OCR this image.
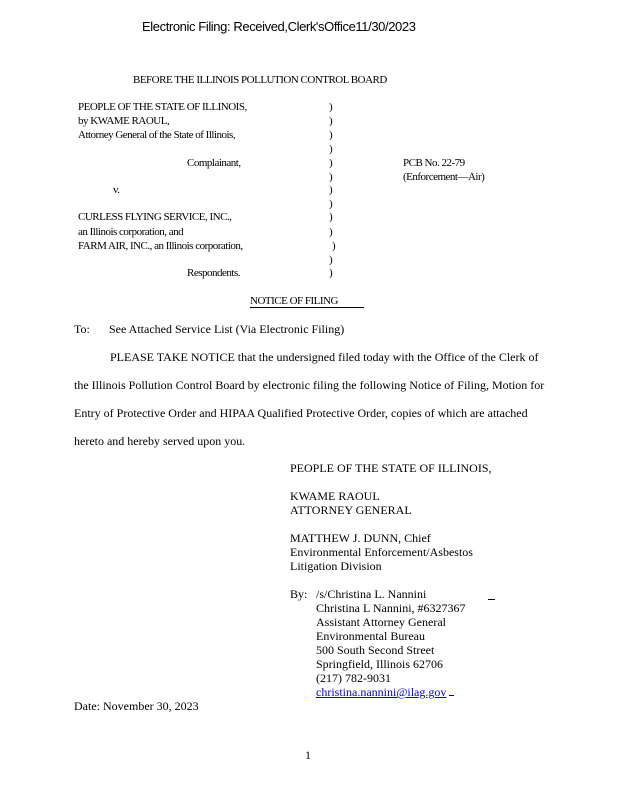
Electronic Filing: Received,Clerk'sOffice11/30/2023
BEFORE THE ILLINOIS POLLUTION CONTROL BOARD
PEOPLE OF THE STATE OF ILLINOIS,
by KWAME RAOUL,
Attorney General of the State of Illinois,
Complainant,
v.
CURLESS FLYING SERVICE, INC.,
an Illinois corporation, and
FARM AIR, INC., an Illinois corporation,
Respondents.
)
)
)
)
)
)
)
)
)
)
)
)
)
PCB No. 22-79
(Enforcement—Air)
NOTICE OF FILING
To: See Attached Service List (Via Electronic Filing)
PLEASE TAKE NOTICE that the undersigned filed today with the Office of the Clerk of
the Illinois Pollution Control Board by electronic filing the following Notice of Filing, Motion for
Entry of Protective Order and HIPAA Qualified Protective Order, copies of which are attached
hereto and hereby served upon you.
PEOPLE OF THE STATE OF ILLINOIS,
KWAME RAOUL
ATTORNEY GENERAL
MATTHEW J. DUNN, Chief
Environmental Enforcement/Asbestos
Litigation Division
By: /s/Christina L. Nannini
Christina L Nannini, #6327367
Assistant Attorney General
Environmental Bureau
500 South Second Street
Springfield, Illinois 62706
(217) 782-9031
christina.nannini@ilag.gov
Date: November 30, 2023
1
